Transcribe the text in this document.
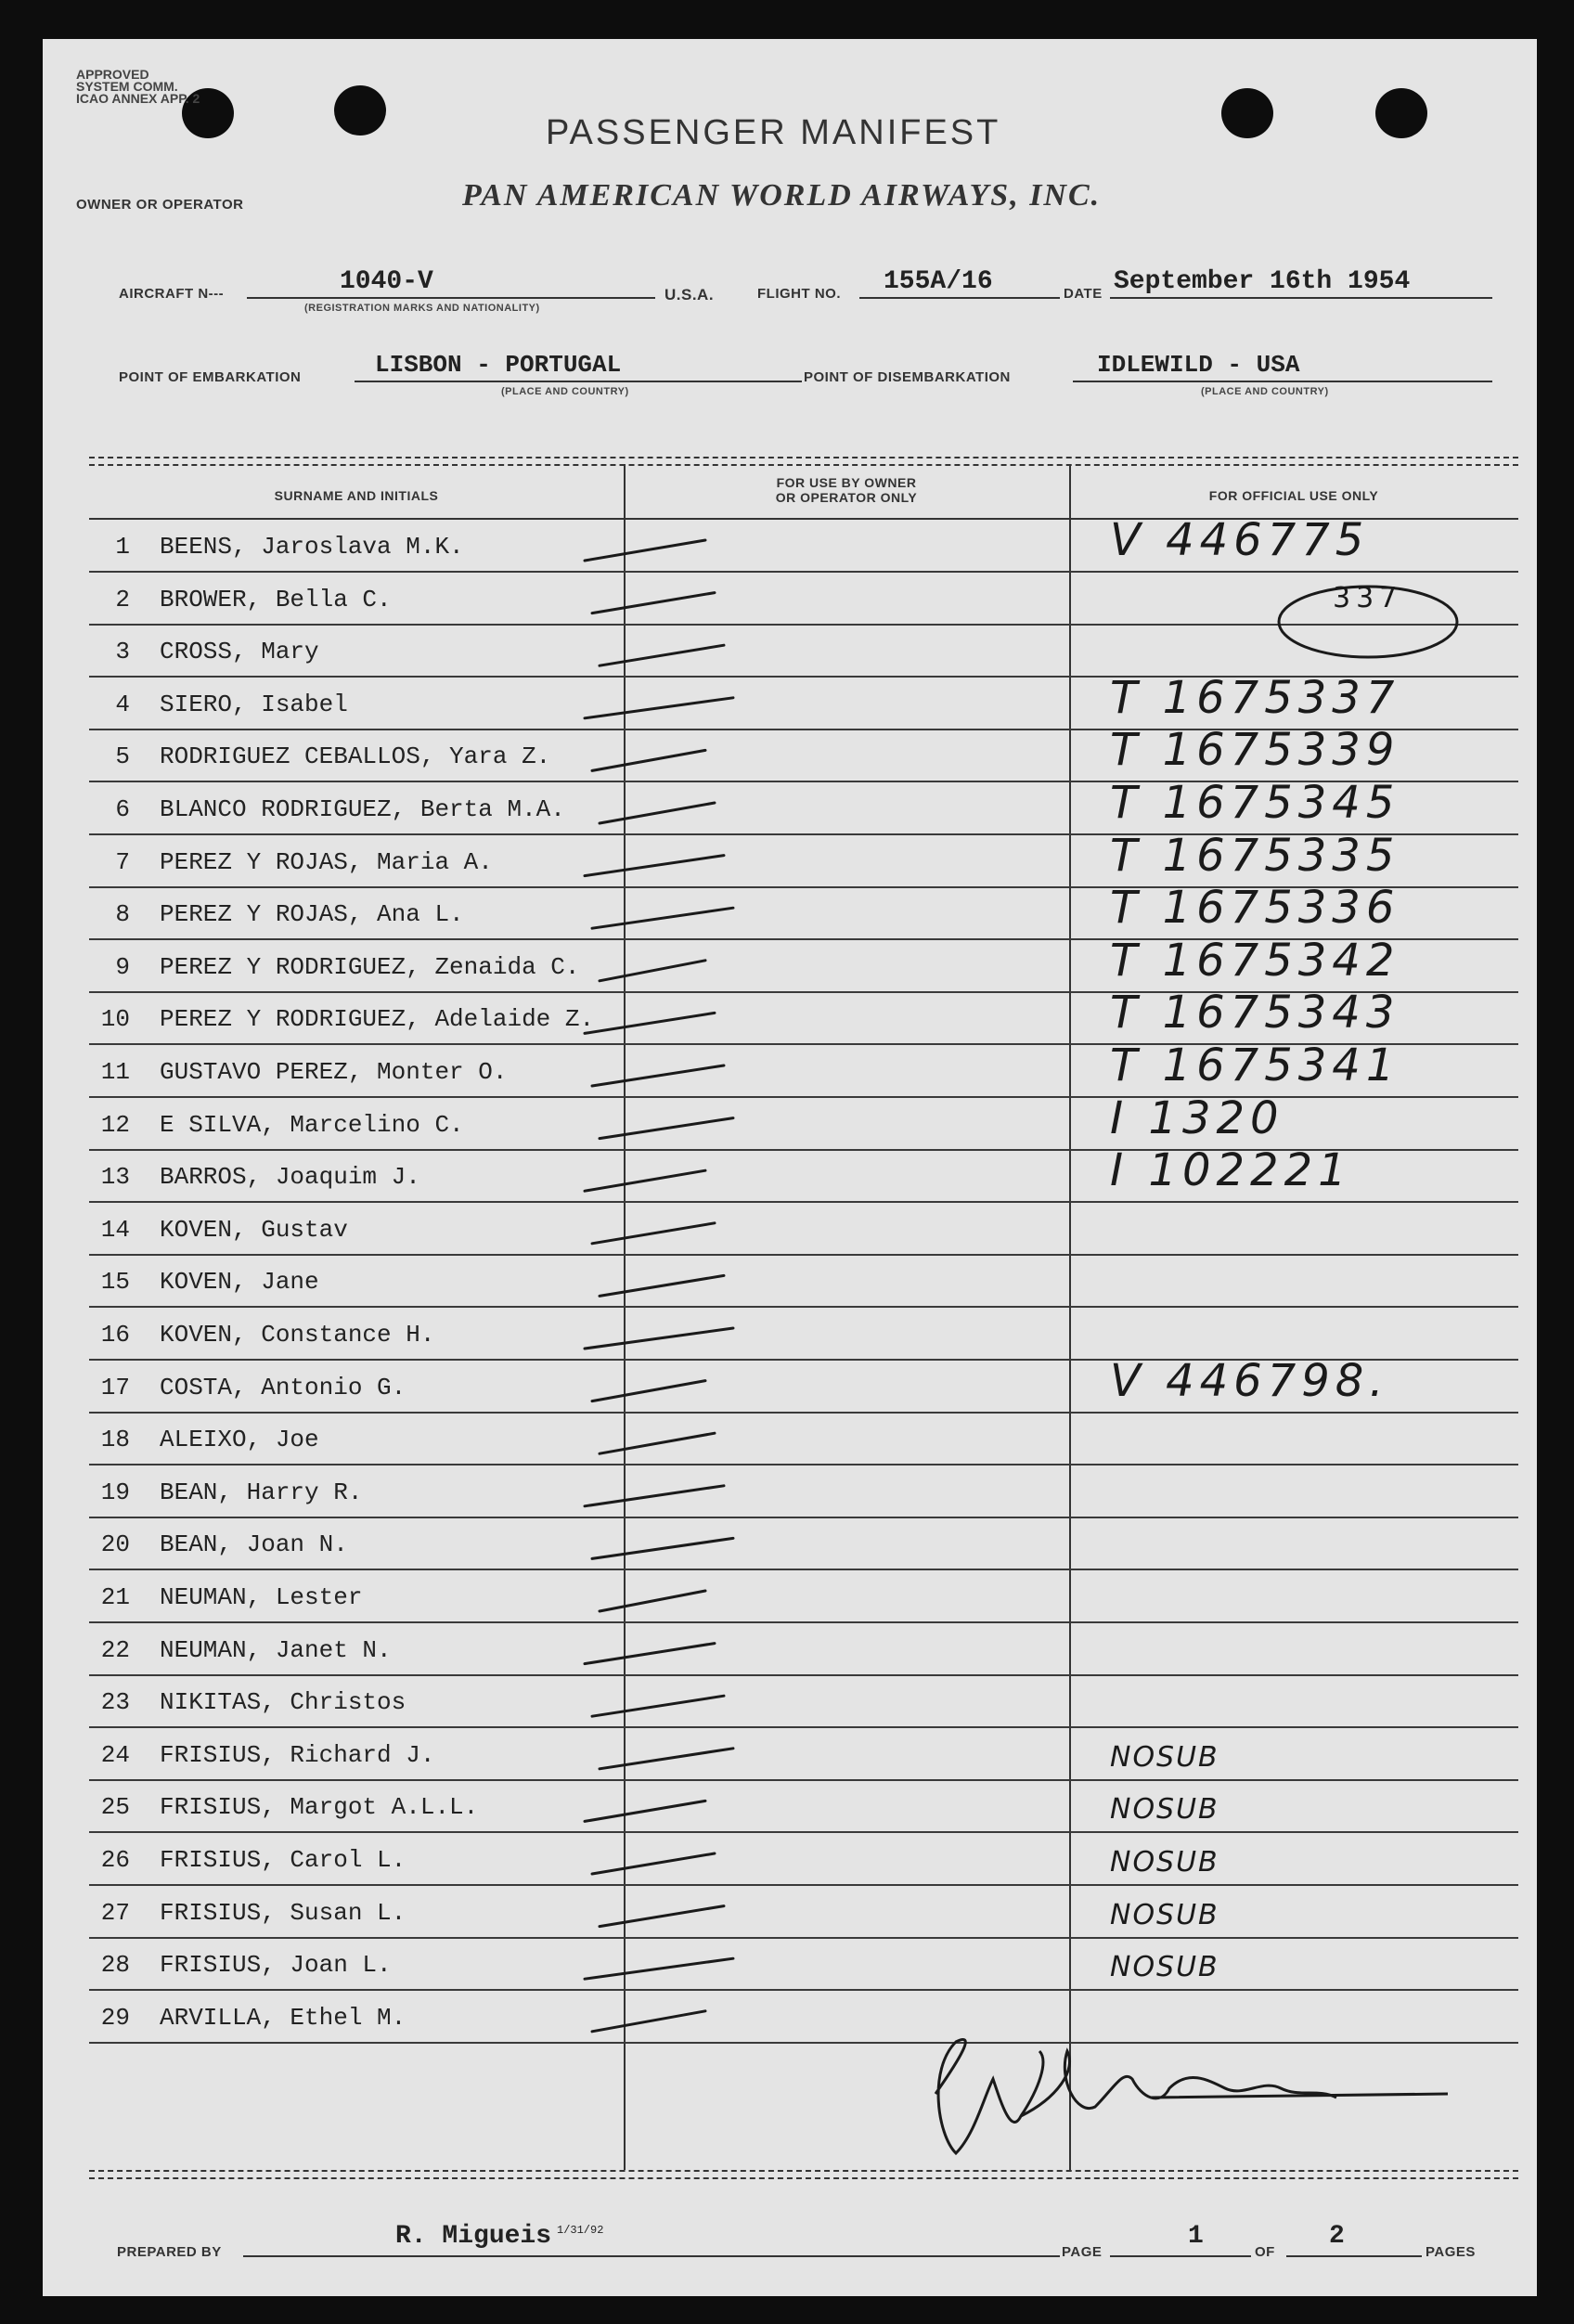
APPROVED
SYSTEM COMM.
ICAO ANNEX APP. 2
PASSENGER MANIFEST
OWNER OR OPERATOR	PAN AMERICAN WORLD AIRWAYS, INC.
AIRCRAFT N---	1040-V
(REGISTRATION MARKS AND NATIONALITY)
U.S.A.	FLIGHT NO. 155A/16	DATE September 16th 1954
POINT OF EMBARKATION	LISBON - PORTUGAL
(PLACE AND COUNTRY)
POINT OF DISEMBARKATION	IDLEWILD - USA
(PLACE AND COUNTRY)
SURNAME AND INITIALS
FOR USE BY OWNER
OR OPERATOR ONLY	FOR OFFICIAL USE ONLY
1 BEENS, Jaroslava M.K.	V 446775
2 BROWER, Bella C.	337
3 CROSS, Mary
4 SIERO, Isabel	T 1675337
5 RODRIGUEZ CEBALLOS, Yara Z.	T 1675339
6 BLANCO RODRIGUEZ, Berta M.A.	T 1675345
7 PEREZ Y ROJAS, Maria A.	T 1675335
8 PEREZ Y ROJAS, Ana L.	T 1675336
9 PEREZ Y RODRIGUEZ, Zenaida C.	T 1675342
10 PEREZ Y RODRIGUEZ, Adelaide Z.	T 1675343
11 GUSTAVO PEREZ, Monter O.	T 1675341
12 E SILVA, Marcelino C.	I 1320
13 BARROS, Joaquim J.	I 102221
14 KOVEN, Gustav
15 KOVEN, Jane
16 KOVEN, Constance H.
17 COSTA, Antonio G.	V 446798.
18 ALEIXO, Joe
19 BEAN, Harry R.
20 BEAN, Joan N.
21 NEUMAN, Lester
22 NEUMAN, Janet N.
23 NIKITAS, Christos
24 FRISIUS, Richard J.	NOSUB
25 FRISIUS, Margot A.L.L.	NOSUB
26 FRISIUS, Carol L.	NOSUB
27 FRISIUS, Susan L.	NOSUB
28 FRISIUS, Joan L.	NOSUB
29 ARVILLA, Ethel M.
1/31/92
PREPARED BY
R. Migueis
PAGE
1
OF
2
PAGES
